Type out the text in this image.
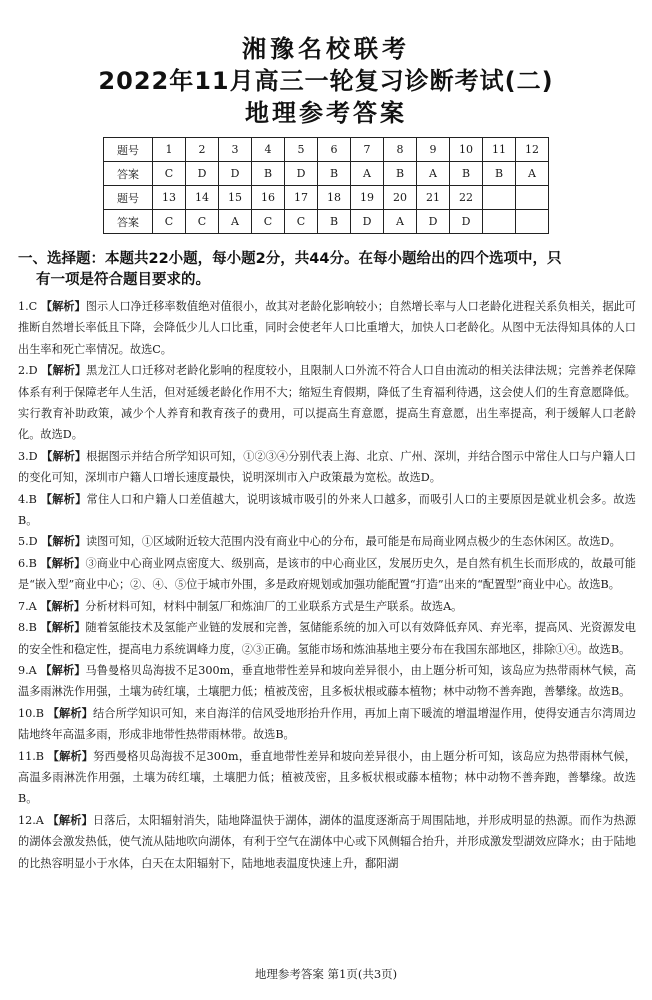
湘豫名校联考
2022年11月高三一轮复习诊断考试(二)
地理参考答案
题号	1	2	3	4	5	6	7	8	9	10	11	12
答案	C	D	D	B	D	B	A	B	A	B	B	A
题号	13	14	15	16	17	18	19	20	21	22		
答案	C	C	A	C	C	B	D	A	D	D		
一、选择题：本题共22小题，每小题2分，共44分。在每小题给出的四个选项中，只
有一项是符合题目要求的。

1.C 【解析】图示人口净迁移率数值绝对值很小，故其对老龄化影响较小；自然增长率与人口老龄化进程关系负相关，据此可推断自然增长率低且下降，会降低少儿人口比重，同时会使老年人口比重增大，加快人口老龄化。从图中无法得知具体的人口出生率和死亡率情况。故选C。

2.D 【解析】黑龙江人口迁移对老龄化影响的程度较小，且限制人口外流不符合人口自由流动的相关法律法规；完善养老保障体系有利于保障老年人生活，但对延缓老龄化作用不大；缩短生育假期，降低了生育福利待遇，这会使人们的生育意愿降低。实行教育补助政策，减少个人养育和教育孩子的费用，可以提高生育意愿，提高生育意愿，出生率提高，利于缓解人口老龄化。故选D。

3.D 【解析】根据图示并结合所学知识可知，①②③④分别代表上海、北京、广州、深圳，并结合图示中常住人口与户籍人口的变化可知，深圳市户籍人口增长速度最快，说明深圳市入户政策最为宽松。故选D。

4.B 【解析】常住人口和户籍人口差值越大，说明该城市吸引的外来人口越多，而吸引人口的主要原因是就业机会多。故选B。

5.D 【解析】读图可知，①区域附近较大范围内没有商业中心的分布，最可能是布局商业网点极少的生态休闲区。故选D。

6.B 【解析】③商业中心商业网点密度大、级别高，是该市的中心商业区，发展历史久，是自然有机生长而形成的，故最可能是“嵌入型”商业中心；②、④、⑤位于城市外围，多是政府规划或加强功能配置“打造”出来的“配置型”商业中心。故选B。

7.A 【解析】分析材料可知，材料中制氢厂和炼油厂的工业联系方式是生产联系。故选A。

8.B 【解析】随着氢能技术及氢能产业链的发展和完善，氢储能系统的加入可以有效降低弃风、弃光率，提高风、光资源发电的安全性和稳定性，提高电力系统调峰力度，②③正确。氢能市场和炼油基地主要分布在我国东部地区，排除①④。故选B。

9.A 【解析】马鲁曼格贝岛海拔不足300m，垂直地带性差异和坡向差异很小，由上题分析可知，该岛应为热带雨林气候，高温多雨淋洗作用强，土壤为砖红壤，土壤肥力低；植被茂密，且多板状根或藤本植物；林中动物不善奔跑，善攀缘。故选B。

10.B 【解析】结合所学知识可知，来自海洋的信风受地形抬升作用，再加上南下暖流的增温增湿作用，使得安通吉尔湾周边陆地终年高温多雨，形成非地带性热带雨林带。故选B。

11.B 【解析】努西曼格贝岛海拔不足300m，垂直地带性差异和坡向差异很小，由上题分析可知，该岛应为热带雨林气候，高温多雨淋洗作用强，土壤为砖红壤，土壤肥力低；植被茂密，且多板状根或藤本植物；林中动物不善奔跑，善攀缘。故选B。

12.A 【解析】日落后，太阳辐射消失，陆地降温快于湖体，湖体的温度逐渐高于周围陆地，并形成明显的热源。而作为热源的湖体会激发热低，使气流从陆地吹向湖体，有利于空气在湖体中心或下风侧辐合抬升，并形成激发型湖效应降水；由于陆地的比热容明显小于水体，白天在太阳辐射下，陆地地表温度快速上升，鄱阳湖

地理参考答案 第1页(共3页)
